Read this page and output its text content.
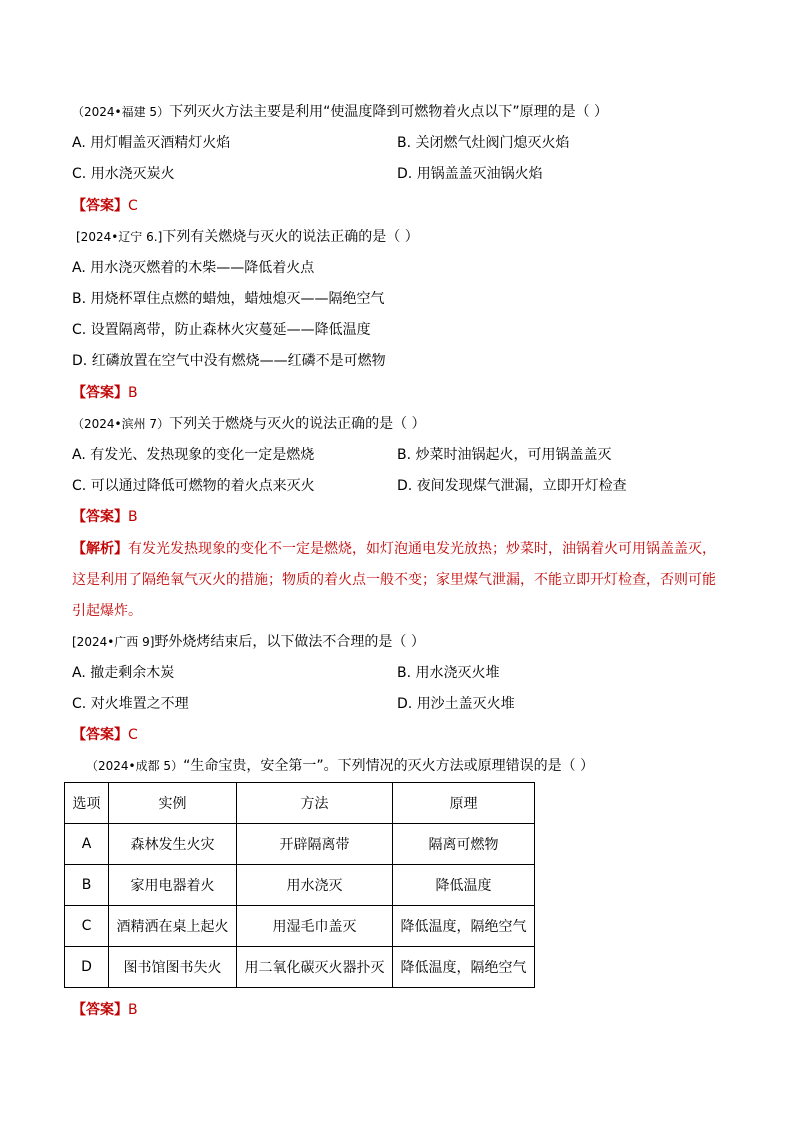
（2024•福建 5）下列灭火方法主要是利用“使温度降到可燃物着火点以下”原理的是（ ）
A. 用灯帽盖灭酒精灯火焰	B. 关闭燃气灶阀门熄灭火焰
C. 用水浇灭炭火	D. 用锅盖盖灭油锅火焰
【答案】C
[2024•辽宁 6.]下列有关燃烧与灭火的说法正确的是（ ）
A. 用水浇灭燃着的木柴——降低着火点
B. 用烧杯罩住点燃的蜡烛，蜡烛熄灭——隔绝空气
C. 设置隔离带，防止森林火灾蔓延——降低温度
D. 红磷放置在空气中没有燃烧——红磷不是可燃物
【答案】B
（2024•滨州 7）下列关于燃烧与灭火的说法正确的是（ ）
A. 有发光、发热现象的变化一定是燃烧	B. 炒菜时油锅起火，可用锅盖盖灭
C. 可以通过降低可燃物的着火点来灭火	D. 夜间发现煤气泄漏，立即开灯检查
【答案】B
【解析】有发光发热现象的变化不一定是燃烧，如灯泡通电发光放热；炒菜时，油锅着火可用锅盖盖灭，这是利用了隔绝氧气灭火的措施；物质的着火点一般不变；家里煤气泄漏，不能立即开灯检查，否则可能引起爆炸。
[2024•广西 9]野外烧烤结束后，以下做法不合理的是（ ）
A. 撤走剩余木炭	B. 用水浇灭火堆
C. 对火堆置之不理	D. 用沙土盖灭火堆
【答案】C
（2024•成都 5）“生命宝贵，安全第一”。下列情况的灭火方法或原理错误的是（ ）
选项	实例	方法	原理
A	森林发生火灾	开辟隔离带	隔离可燃物
B	家用电器着火	用水浇灭	降低温度
C	酒精洒在桌上起火	用湿毛巾盖灭	降低温度，隔绝空气
D	图书馆图书失火	用二氧化碳灭火器扑灭	降低温度，隔绝空气
【答案】B
